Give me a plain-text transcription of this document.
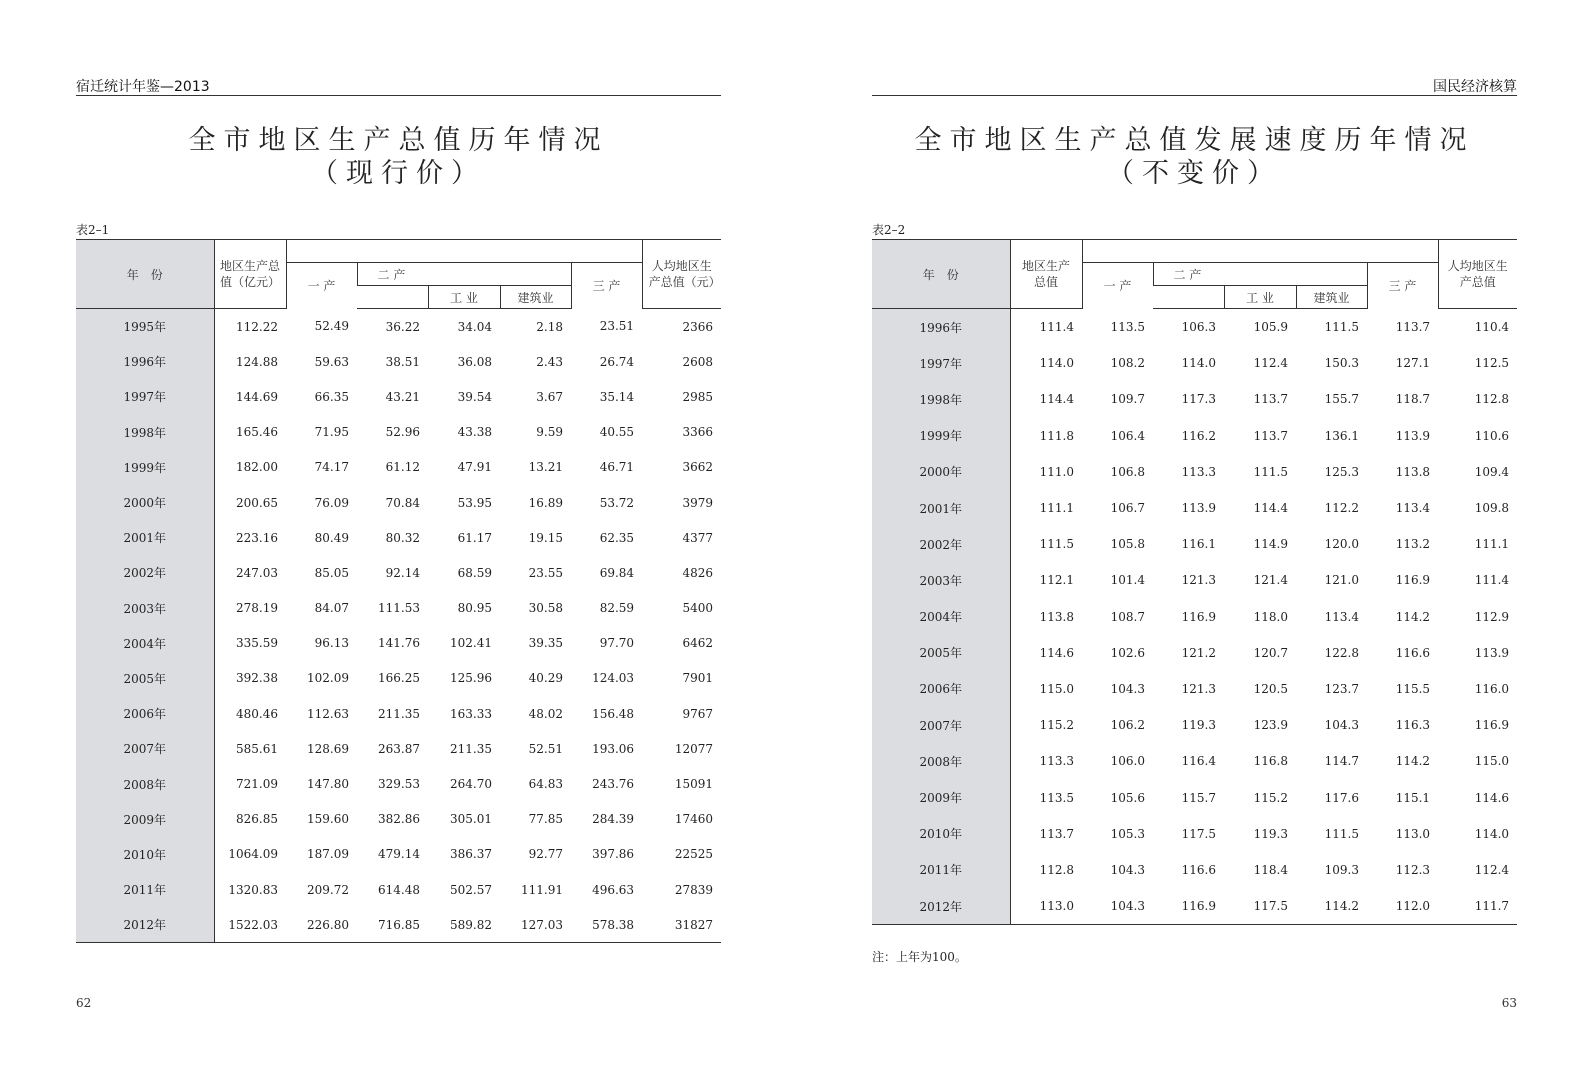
宿迁统计年鉴—2013
全市地区生产总值历年情况
（现行价）
表2–1
年　份	地区生产总值（亿元）						人均地区生产总值（元）
		一 产	二 产			三 产	
				工 业	建筑业		
1995年	112.22	52.49	36.22	34.04	2.18	23.51	2366
1996年	124.88	59.63	38.51	36.08	2.43	26.74	2608
1997年	144.69	66.35	43.21	39.54	3.67	35.14	2985
1998年	165.46	71.95	52.96	43.38	9.59	40.55	3366
1999年	182.00	74.17	61.12	47.91	13.21	46.71	3662
2000年	200.65	76.09	70.84	53.95	16.89	53.72	3979
2001年	223.16	80.49	80.32	61.17	19.15	62.35	4377
2002年	247.03	85.05	92.14	68.59	23.55	69.84	4826
2003年	278.19	84.07	111.53	80.95	30.58	82.59	5400
2004年	335.59	96.13	141.76	102.41	39.35	97.70	6462
2005年	392.38	102.09	166.25	125.96	40.29	124.03	7901
2006年	480.46	112.63	211.35	163.33	48.02	156.48	9767
2007年	585.61	128.69	263.87	211.35	52.51	193.06	12077
2008年	721.09	147.80	329.53	264.70	64.83	243.76	15091
2009年	826.85	159.60	382.86	305.01	77.85	284.39	17460
2010年	1064.09	187.09	479.14	386.37	92.77	397.86	22525
2011年	1320.83	209.72	614.48	502.57	111.91	496.63	27839
2012年	1522.03	226.80	716.85	589.82	127.03	578.38	31827
62
国民经济核算
全市地区生产总值发展速度历年情况
（不变价）
表2–2
年　份	地区生产总值						人均地区生产总值
		一 产	二 产			三 产	
				工 业	建筑业		
1996年	111.4	113.5	106.3	105.9	111.5	113.7	110.4
1997年	114.0	108.2	114.0	112.4	150.3	127.1	112.5
1998年	114.4	109.7	117.3	113.7	155.7	118.7	112.8
1999年	111.8	106.4	116.2	113.7	136.1	113.9	110.6
2000年	111.0	106.8	113.3	111.5	125.3	113.8	109.4
2001年	111.1	106.7	113.9	114.4	112.2	113.4	109.8
2002年	111.5	105.8	116.1	114.9	120.0	113.2	111.1
2003年	112.1	101.4	121.3	121.4	121.0	116.9	111.4
2004年	113.8	108.7	116.9	118.0	113.4	114.2	112.9
2005年	114.6	102.6	121.2	120.7	122.8	116.6	113.9
2006年	115.0	104.3	121.3	120.5	123.7	115.5	116.0
2007年	115.2	106.2	119.3	123.9	104.3	116.3	116.9
2008年	113.3	106.0	116.4	116.8	114.7	114.2	115.0
2009年	113.5	105.6	115.7	115.2	117.6	115.1	114.6
2010年	113.7	105.3	117.5	119.3	111.5	113.0	114.0
2011年	112.8	104.3	116.6	118.4	109.3	112.3	112.4
2012年	113.0	104.3	116.9	117.5	114.2	112.0	111.7
注：上年为100。
63
